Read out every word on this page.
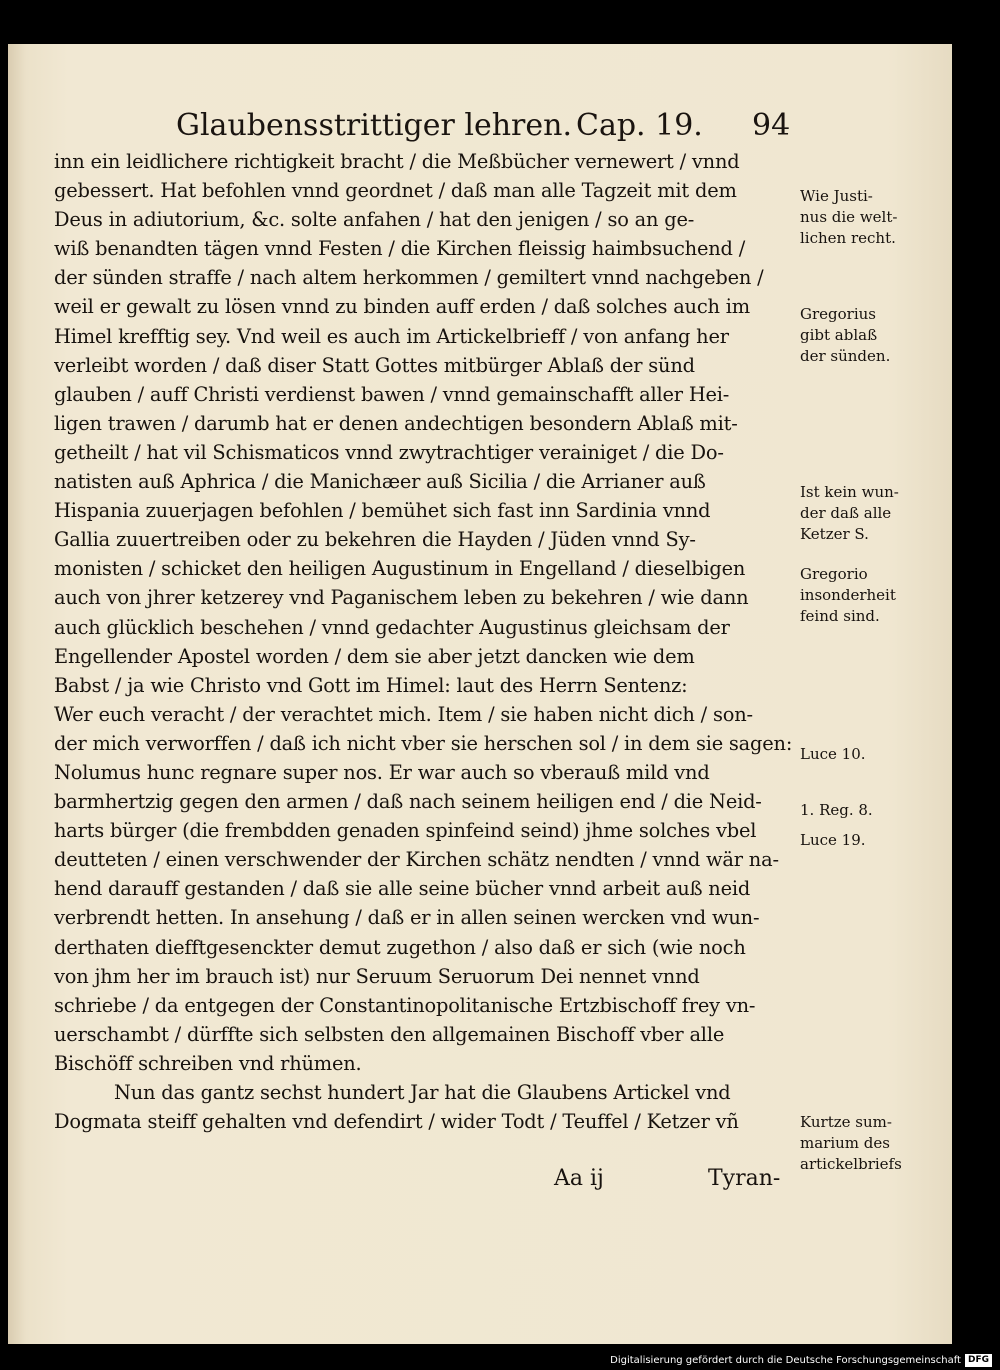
Glaubensstrittiger lehren. Cap. 19. 94
inn ein leidlichere richtigkeit bracht / die Meßbücher vernewert / vnnd
gebessert. Hat befohlen vnnd geordnet / daß man alle Tagzeit mit dem
Deus in adiutorium, &c. solte anfahen / hat den jenigen / so an ge-
wiß benandten tägen vnnd Festen / die Kirchen fleissig haimbsuchend /
der sünden straffe / nach altem herkommen / gemiltert vnnd nachgeben /
weil er gewalt zu lösen vnnd zu binden auff erden / daß solches auch im
Himel krefftig sey. Vnd weil es auch im Artickelbrieff / von anfang her
verleibt worden / daß diser Statt Gottes mitbürger Ablaß der sünd
glauben / auff Christi verdienst bawen / vnnd gemainschafft aller Hei-
ligen trawen / darumb hat er denen andechtigen besondern Ablaß mit-
getheilt / hat vil Schismaticos vnnd zwytrachtiger verainiget / die Do-
natisten auß Aphrica / die Manichæer auß Sicilia / die Arrianer auß
Hispania zuuerjagen befohlen / bemühet sich fast inn Sardinia vnnd
Gallia zuuertreiben oder zu bekehren die Hayden / Jüden vnnd Sy-
monisten / schicket den heiligen Augustinum in Engelland / dieselbigen
auch von jhrer ketzerey vnd Paganischem leben zu bekehren / wie dann
auch glücklich beschehen / vnnd gedachter Augustinus gleichsam der
Engellender Apostel worden / dem sie aber jetzt dancken wie dem
Babst / ja wie Christo vnd Gott im Himel: laut des Herrn Sentenz:
Wer euch veracht / der verachtet mich. Item / sie haben nicht dich / son-
der mich verworffen / daß ich nicht vber sie herschen sol / in dem sie sagen:
Nolumus hunc regnare super nos. Er war auch so vberauß mild vnd
barmhertzig gegen den armen / daß nach seinem heiligen end / die Neid-
harts bürger (die frembdden genaden spinfeind seind) jhme solches vbel
deutteten / einen verschwender der Kirchen schätz nendten / vnnd wär na-
hend darauff gestanden / daß sie alle seine bücher vnnd arbeit auß neid
verbrendt hetten. In ansehung / daß er in allen seinen wercken vnd wun-
derthaten diefftgesenckter demut zugethon / also daß er sich (wie noch
von jhm her im brauch ist) nur Seruum Seruorum Dei nennet vnnd
schriebe / da entgegen der Constantinopolitanische Ertzbischoff frey vn-
uerschambt / dürffte sich selbsten den allgemainen Bischoff vber alle
Bischöff schreiben vnd rhümen.
Nun das gantz sechst hundert Jar hat die Glaubens Artickel vnd
Dogmata steiff gehalten vnd defendirt / wider Todt / Teuffel / Ketzer vñ
Wie Justi-
nus die welt-
lichen recht.
Gregorius
gibt ablaß
der sünden.
Ist kein wun-
der daß alle
Ketzer S.
Gregorio
insonderheit
feind sind.
Luce 10.
1. Reg. 8.
Luce 19.
Kurtze sum-
marium des
artickelbriefs
Aa ij	Tyran-
Digitalisierung gefördert durch die Deutsche Forschungsgemeinschaft DFG
